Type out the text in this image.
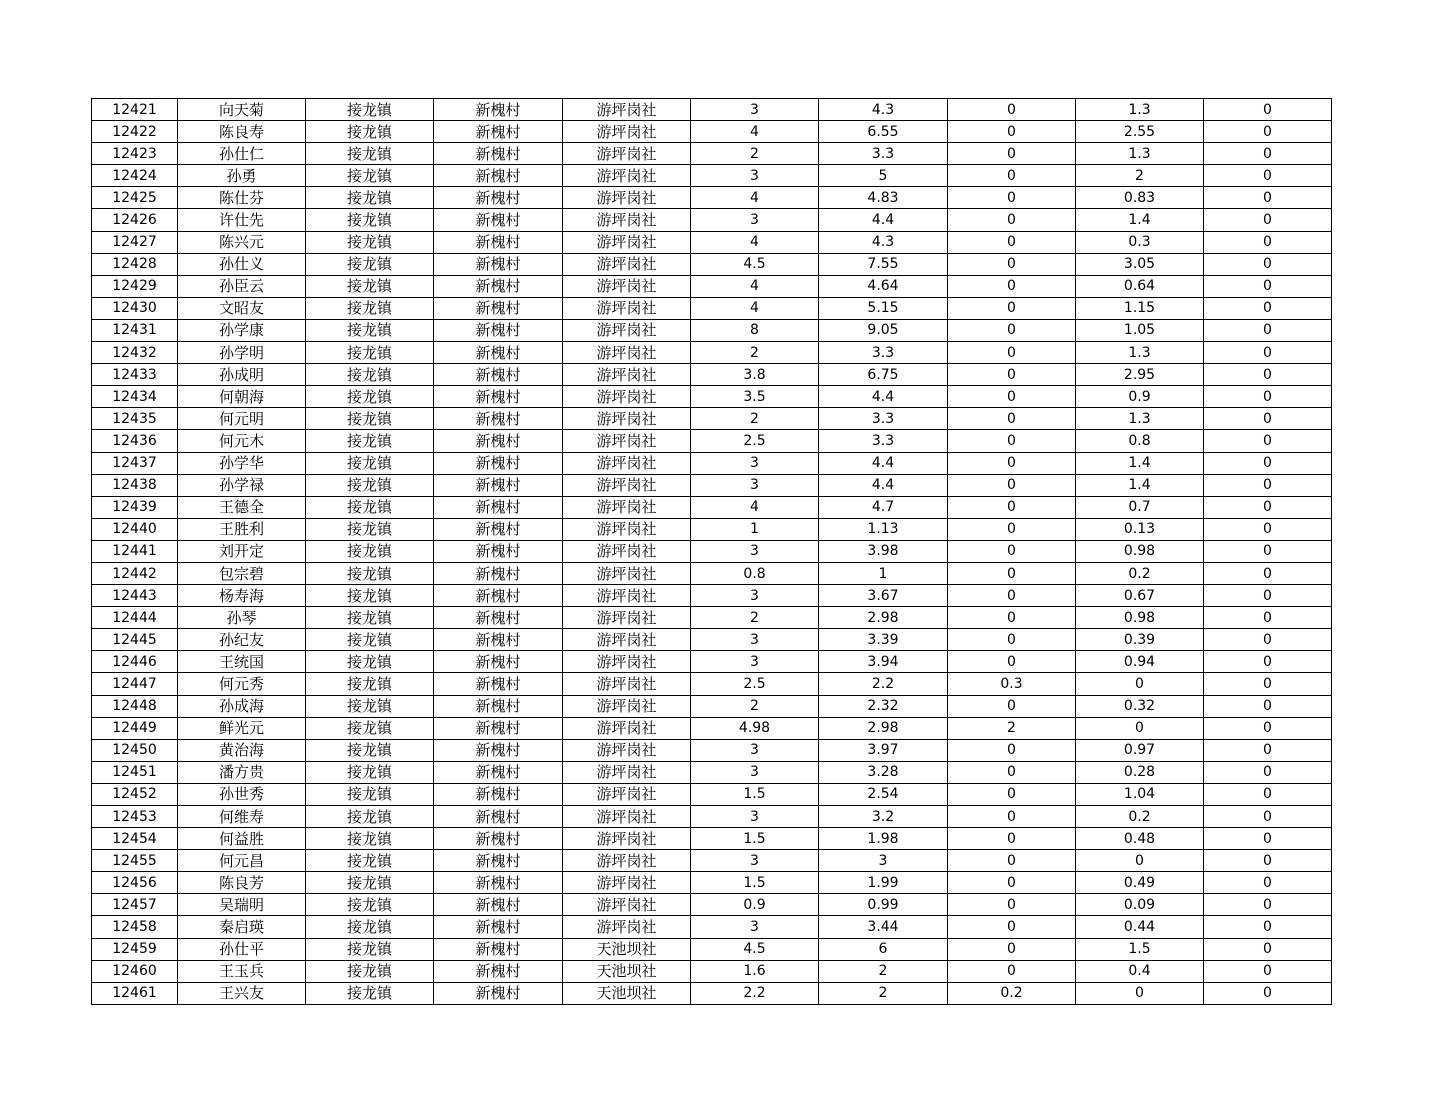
12421	向天菊	接龙镇	新槐村	游坪岗社	3	4.3	0	1.3	0
12422	陈良寿	接龙镇	新槐村	游坪岗社	4	6.55	0	2.55	0
12423	孙仕仁	接龙镇	新槐村	游坪岗社	2	3.3	0	1.3	0
12424	孙勇	接龙镇	新槐村	游坪岗社	3	5	0	2	0
12425	陈仕芬	接龙镇	新槐村	游坪岗社	4	4.83	0	0.83	0
12426	许仕先	接龙镇	新槐村	游坪岗社	3	4.4	0	1.4	0
12427	陈兴元	接龙镇	新槐村	游坪岗社	4	4.3	0	0.3	0
12428	孙仕义	接龙镇	新槐村	游坪岗社	4.5	7.55	0	3.05	0
12429	孙臣云	接龙镇	新槐村	游坪岗社	4	4.64	0	0.64	0
12430	文昭友	接龙镇	新槐村	游坪岗社	4	5.15	0	1.15	0
12431	孙学康	接龙镇	新槐村	游坪岗社	8	9.05	0	1.05	0
12432	孙学明	接龙镇	新槐村	游坪岗社	2	3.3	0	1.3	0
12433	孙成明	接龙镇	新槐村	游坪岗社	3.8	6.75	0	2.95	0
12434	何朝海	接龙镇	新槐村	游坪岗社	3.5	4.4	0	0.9	0
12435	何元明	接龙镇	新槐村	游坪岗社	2	3.3	0	1.3	0
12436	何元木	接龙镇	新槐村	游坪岗社	2.5	3.3	0	0.8	0
12437	孙学华	接龙镇	新槐村	游坪岗社	3	4.4	0	1.4	0
12438	孙学禄	接龙镇	新槐村	游坪岗社	3	4.4	0	1.4	0
12439	王德全	接龙镇	新槐村	游坪岗社	4	4.7	0	0.7	0
12440	王胜利	接龙镇	新槐村	游坪岗社	1	1.13	0	0.13	0
12441	刘开定	接龙镇	新槐村	游坪岗社	3	3.98	0	0.98	0
12442	包宗碧	接龙镇	新槐村	游坪岗社	0.8	1	0	0.2	0
12443	杨寿海	接龙镇	新槐村	游坪岗社	3	3.67	0	0.67	0
12444	孙琴	接龙镇	新槐村	游坪岗社	2	2.98	0	0.98	0
12445	孙纪友	接龙镇	新槐村	游坪岗社	3	3.39	0	0.39	0
12446	王统国	接龙镇	新槐村	游坪岗社	3	3.94	0	0.94	0
12447	何元秀	接龙镇	新槐村	游坪岗社	2.5	2.2	0.3	0	0
12448	孙成海	接龙镇	新槐村	游坪岗社	2	2.32	0	0.32	0
12449	鲜光元	接龙镇	新槐村	游坪岗社	4.98	2.98	2	0	0
12450	黄治海	接龙镇	新槐村	游坪岗社	3	3.97	0	0.97	0
12451	潘方贵	接龙镇	新槐村	游坪岗社	3	3.28	0	0.28	0
12452	孙世秀	接龙镇	新槐村	游坪岗社	1.5	2.54	0	1.04	0
12453	何维寿	接龙镇	新槐村	游坪岗社	3	3.2	0	0.2	0
12454	何益胜	接龙镇	新槐村	游坪岗社	1.5	1.98	0	0.48	0
12455	何元昌	接龙镇	新槐村	游坪岗社	3	3	0	0	0
12456	陈良芳	接龙镇	新槐村	游坪岗社	1.5	1.99	0	0.49	0
12457	吴瑞明	接龙镇	新槐村	游坪岗社	0.9	0.99	0	0.09	0
12458	秦启瑛	接龙镇	新槐村	游坪岗社	3	3.44	0	0.44	0
12459	孙仕平	接龙镇	新槐村	天池坝社	4.5	6	0	1.5	0
12460	王玉兵	接龙镇	新槐村	天池坝社	1.6	2	0	0.4	0
12461	王兴友	接龙镇	新槐村	天池坝社	2.2	2	0.2	0	0
